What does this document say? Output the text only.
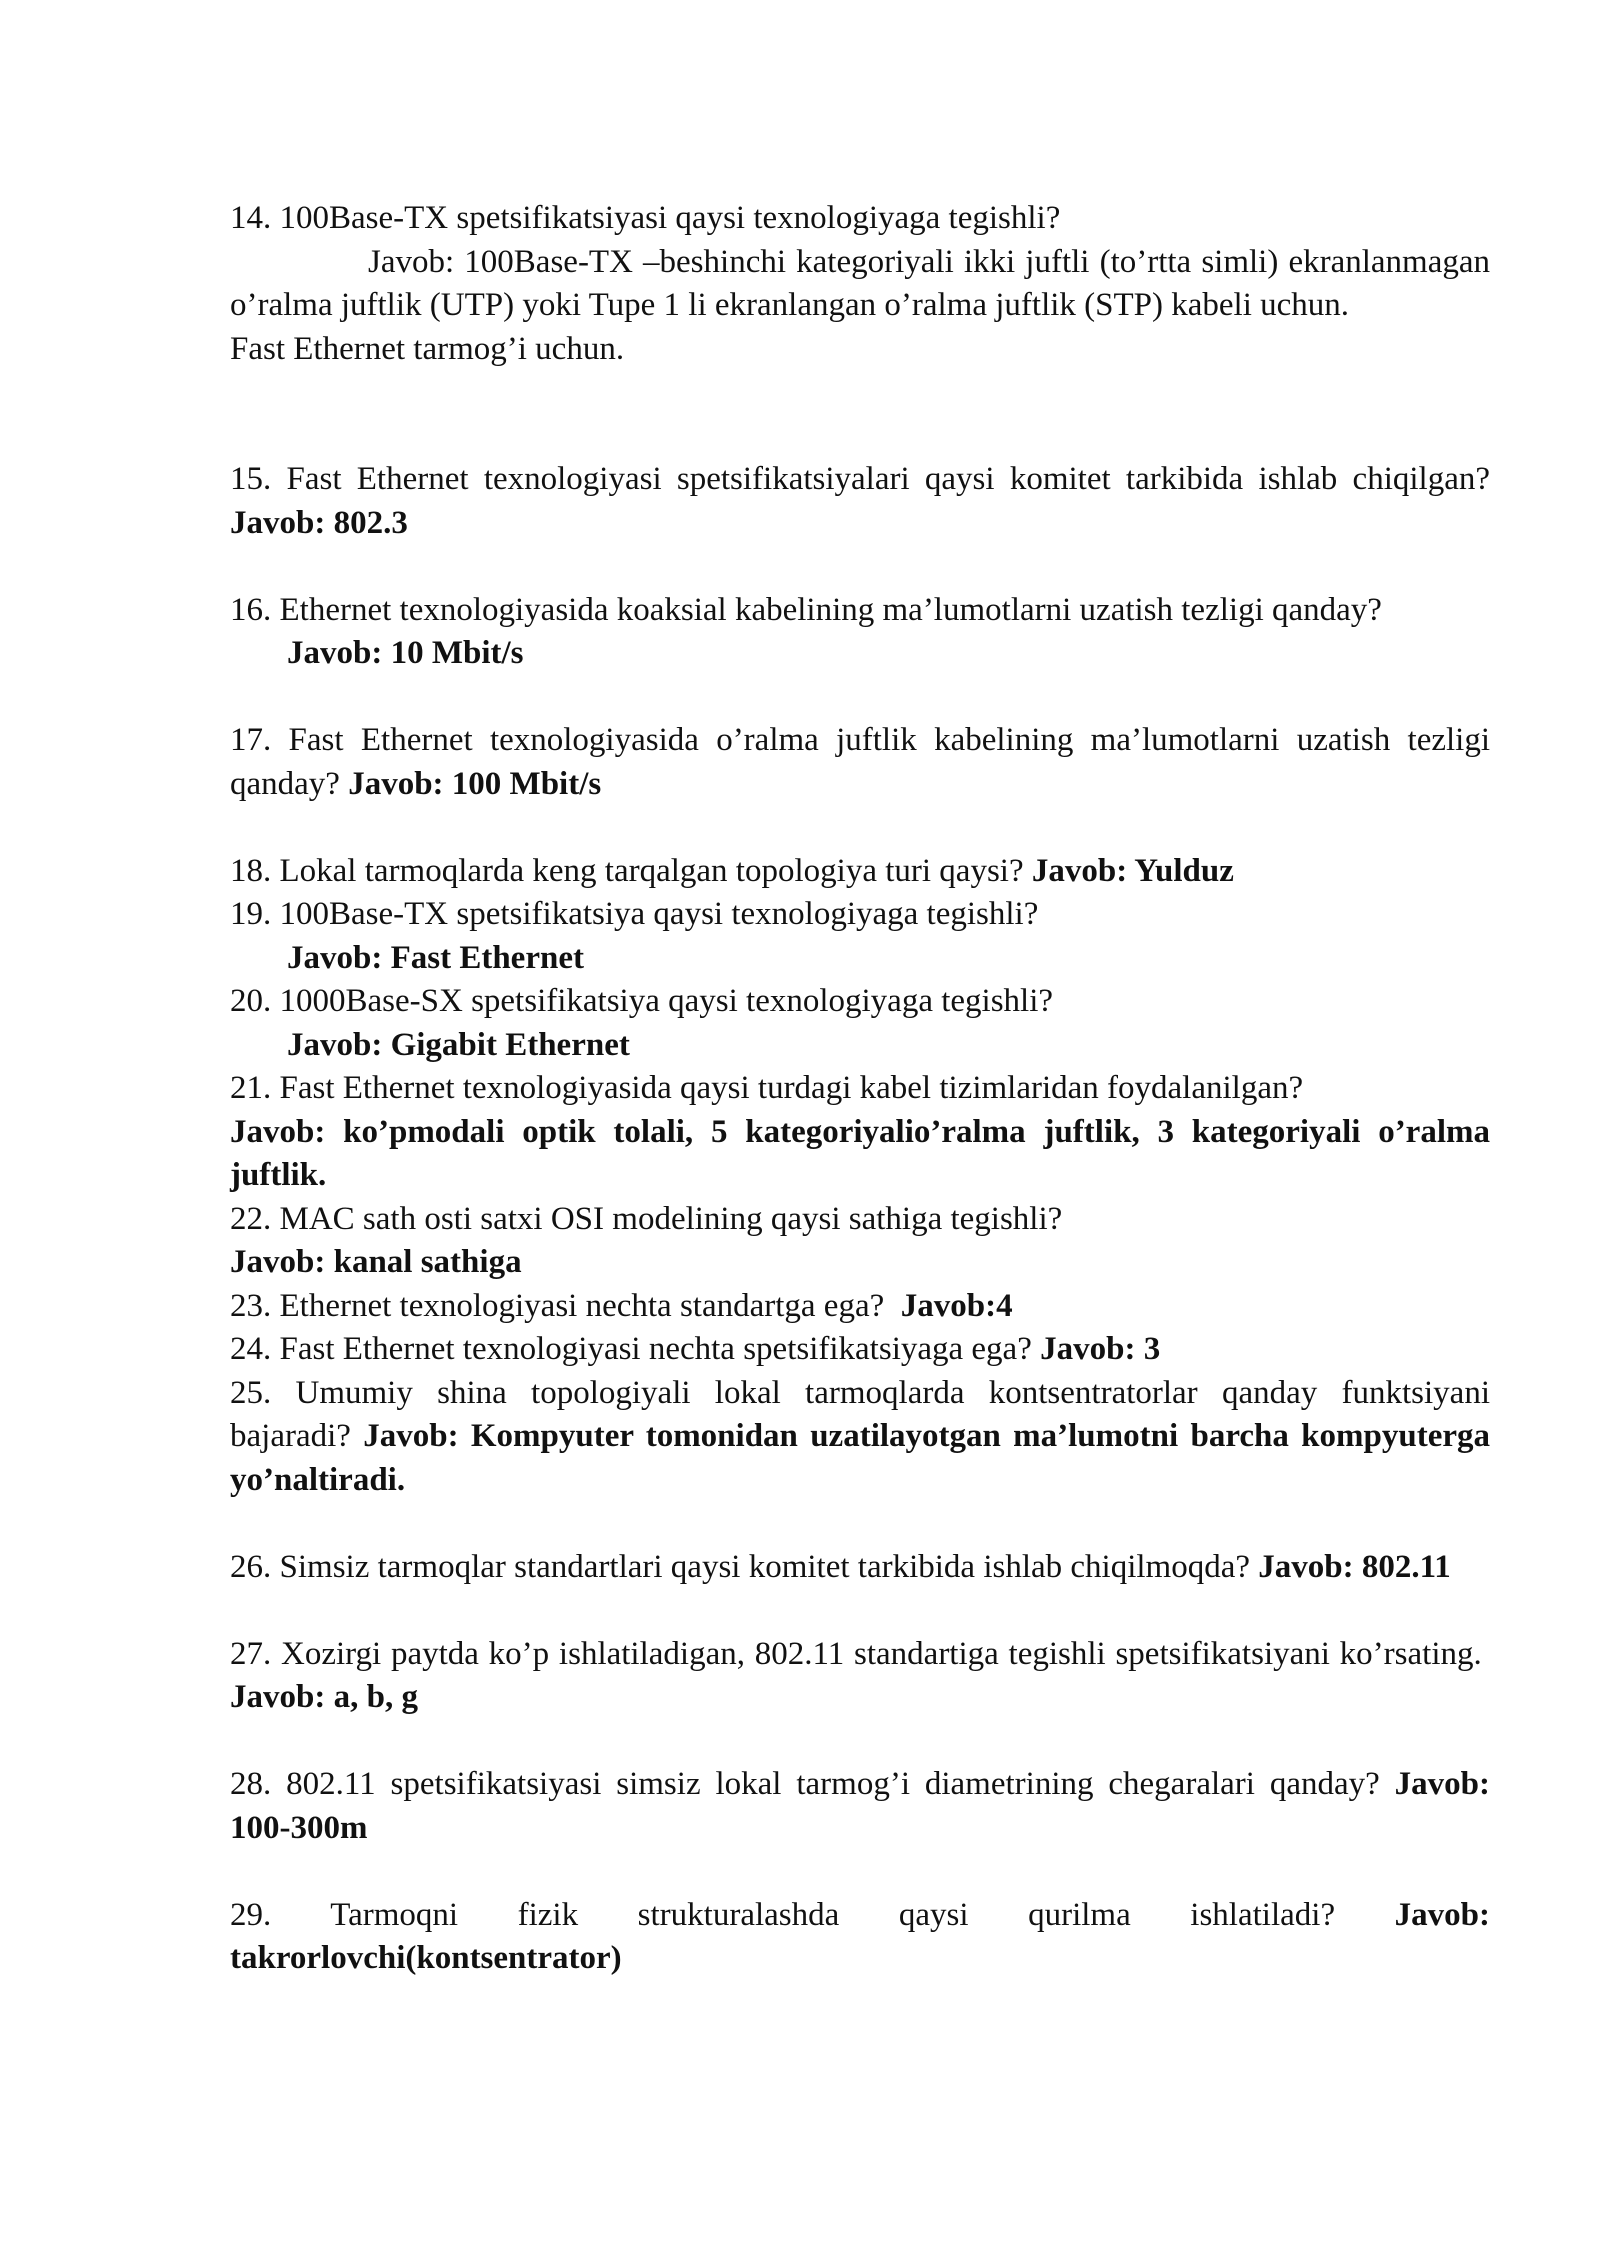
14. 100Base-TX spetsifikatsiyasi qaysi texnologiyaga tegishli?
Javob: 100Base-TX –beshinchi kategoriyali ikki juftli (to’rtta simli) ekranlanmagan o’ralma juftlik (UTP) yoki Tupe 1 li ekranlangan o’ralma juftlik (STP) kabeli uchun.
Fast Ethernet tarmog’i uchun.
15. Fast Ethernet texnologiyasi spetsifikatsiyalari qaysi komitet tarkibida ishlab chiqilgan? Javob: 802.3
16. Ethernet texnologiyasida koaksial kabelining ma’lumotlarni uzatish tezligi qanday?
Javob: 10 Mbit/s
17. Fast Ethernet texnologiyasida o’ralma juftlik kabelining ma’lumotlarni uzatish tezligi qanday? Javob: 100 Mbit/s
18. Lokal tarmoqlarda keng tarqalgan topologiya turi qaysi? Javob: Yulduz
19. 100Base-TX spetsifikatsiya qaysi texnologiyaga tegishli?
Javob: Fast Ethernet
20. 1000Base-SX spetsifikatsiya qaysi texnologiyaga tegishli?
Javob: Gigabit Ethernet
21. Fast Ethernet texnologiyasida qaysi turdagi kabel tizimlaridan foydalanilgan?
Javob: ko’pmodali optik tolali, 5 kategoriyalio’ralma juftlik, 3 kategoriyali o’ralma juftlik.
22. MAC sath osti satxi OSI modelining qaysi sathiga tegishli?
Javob: kanal sathiga
23. Ethernet texnologiyasi nechta standartga ega? Javob:4
24. Fast Ethernet texnologiyasi nechta spetsifikatsiyaga ega? Javob: 3
25. Umumiy shina topologiyali lokal tarmoqlarda kontsentratorlar qanday funktsiyani bajaradi? Javob: Kompyuter tomonidan uzatilayotgan ma’lumotni barcha kompyuterga yo’naltiradi.
26. Simsiz tarmoqlar standartlari qaysi komitet tarkibida ishlab chiqilmoqda? Javob: 802.11
27. Xozirgi paytda ko’p ishlatiladigan, 802.11 standartiga tegishli spetsifikatsiyani ko’rsating.  Javob: a, b, g
28. 802.11 spetsifikatsiyasi simsiz lokal tarmog’i diametrining chegaralari qanday? Javob: 100-300m
29. Tarmoqni fizik strukturalashda qaysi qurilma ishlatiladi? Javob: takrorlovchi(kontsentrator)
